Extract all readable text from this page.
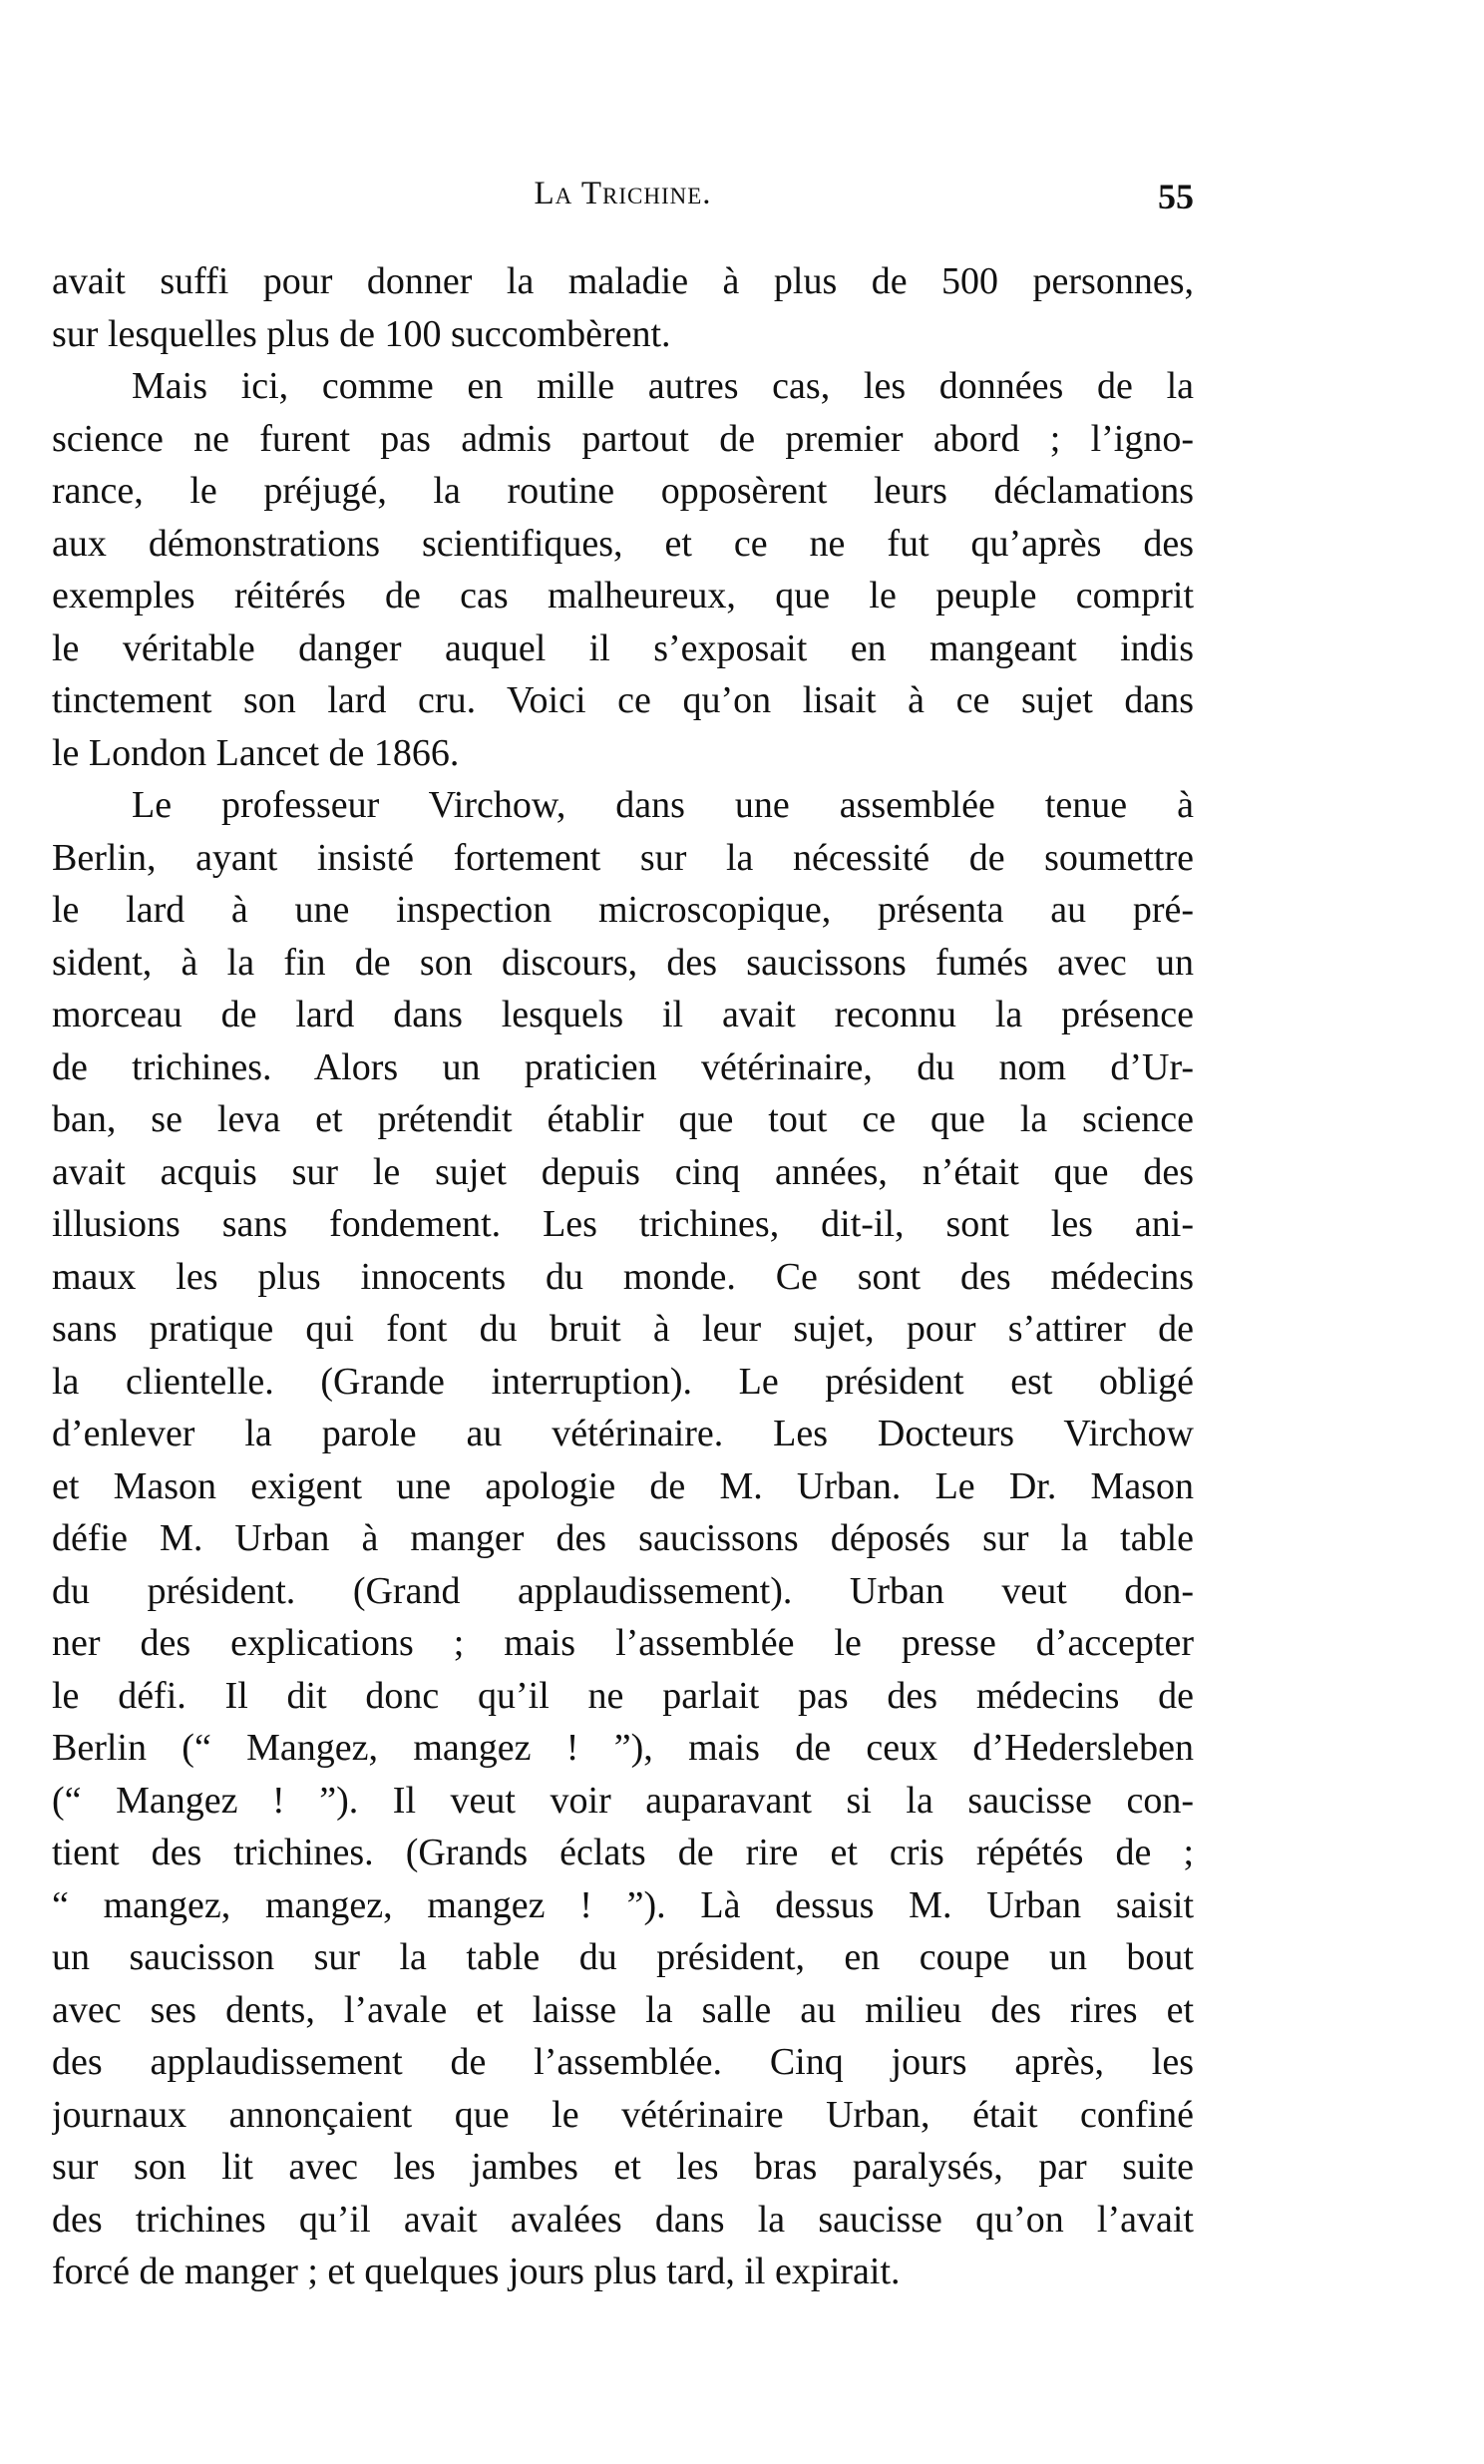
La Trichine.	55
avait suffi pour donner la maladie à plus de 500 personnes,
sur lesquelles plus de 100 succombèrent.
Mais ici, comme en mille autres cas, les données de la
science ne furent pas admis partout de premier abord ; l’igno-
rance, le préjugé, la routine opposèrent leurs déclamations
aux démonstrations scientifiques, et ce ne fut qu’après des
exemples réitérés de cas malheureux, que le peuple comprit
le véritable danger auquel il s’exposait en mangeant indis
tinctement son lard cru. Voici ce qu’on lisait à ce sujet dans
le London Lancet de 1866.
Le professeur Virchow, dans une assemblée tenue à
Berlin, ayant insisté fortement sur la nécessité de soumettre
le lard à une inspection microscopique, présenta au pré-
sident, à la fin de son discours, des saucissons fumés avec un
morceau de lard dans lesquels il avait reconnu la présence
de trichines. Alors un praticien vétérinaire, du nom d’Ur-
ban, se leva et prétendit établir que tout ce que la science
avait acquis sur le sujet depuis cinq années, n’était que des
illusions sans fondement. Les trichines, dit-il, sont les ani-
maux les plus innocents du monde. Ce sont des médecins
sans pratique qui font du bruit à leur sujet, pour s’attirer de
la clientelle. (Grande interruption). Le président est obligé
d’enlever la parole au vétérinaire. Les Docteurs Virchow
et Mason exigent une apologie de M. Urban. Le Dr. Mason
défie M. Urban à manger des saucissons déposés sur la table
du président. (Grand applaudissement). Urban veut don-
ner des explications ; mais l’assemblée le presse d’accepter
le défi. Il dit donc qu’il ne parlait pas des médecins de
Berlin (“ Mangez, mangez ! ”), mais de ceux d’Hedersleben
(“ Mangez ! ”). Il veut voir auparavant si la saucisse con-
tient des trichines. (Grands éclats de rire et cris répétés de ;
“ mangez, mangez, mangez ! ”). Là dessus M. Urban saisit
un saucisson sur la table du président, en coupe un bout
avec ses dents, l’avale et laisse la salle au milieu des rires et
des applaudissement de l’assemblée. Cinq jours après, les
journaux annonçaient que le vétérinaire Urban, était confiné
sur son lit avec les jambes et les bras paralysés, par suite
des trichines qu’il avait avalées dans la saucisse qu’on l’avait
forcé de manger ; et quelques jours plus tard, il expirait.
